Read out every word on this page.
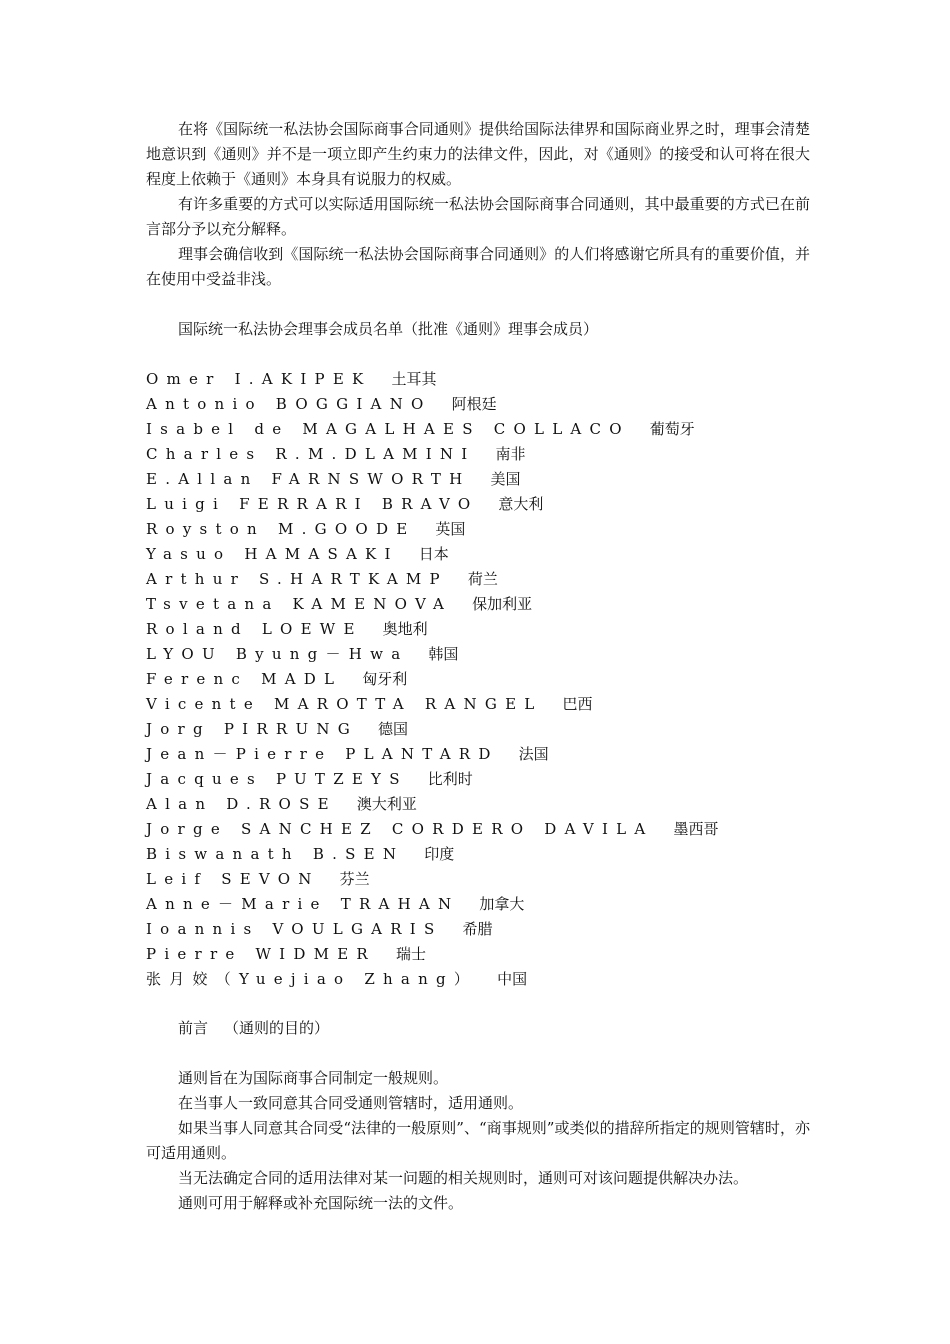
在将《国际统一私法协会国际商事合同通则》提供给国际法律界和国际商业界之时，理事会清楚地意识到《通则》并不是一项立即产生约束力的法律文件，因此，对《通则》的接受和认可将在很大程度上依赖于《通则》本身具有说服力的权威。

有许多重要的方式可以实际适用国际统一私法协会国际商事合同通则，其中最重要的方式已在前言部分予以充分解释。

理事会确信收到《国际统一私法协会国际商事合同通则》的人们将感谢它所具有的重要价值，并在使用中受益非浅。

国际统一私法协会理事会成员名单（批准《通则》理事会成员）

Omer I.AKIPEK 土耳其
Antonio BOGGIANO 阿根廷
Isabel de MAGALHAES COLLACO 葡萄牙
Charles R.M.DLAMINI 南非
E.Allan FARNSWORTH 美国
Luigi FERRARI BRAVO 意大利
Royston M.GOODE 英国
Yasuo HAMASAKI 日本
Arthur S.HARTKAMP 荷兰
Tsvetana KAMENOVA 保加利亚
Roland LOEWE 奥地利
LYOU Byung－Hwa 韩国
Ferenc MADL 匈牙利
Vicente MAROTTA RANGEL 巴西
Jorg PIRRUNG 德国
Jean－Pierre PLANTARD 法国
Jacques PUTZEYS 比利时
Alan D.ROSE 澳大利亚
Jorge SANCHEZ CORDERO DAVILA 墨西哥
Biswanath B.SEN 印度
Leif SEVON 芬兰
Anne－Marie TRAHAN 加拿大
Ioannis VOULGARIS 希腊
Pierre WIDMER 瑞士
张月姣（Yuejiao Zhang） 中国

前言 （通则的目的）

通则旨在为国际商事合同制定一般规则。

在当事人一致同意其合同受通则管辖时，适用通则。

如果当事人同意其合同受“法律的一般原则”、“商事规则”或类似的措辞所指定的规则管辖时，亦可适用通则。

当无法确定合同的适用法律对某一问题的相关规则时，通则可对该问题提供解决办法。

通则可用于解释或补充国际统一法的文件。
